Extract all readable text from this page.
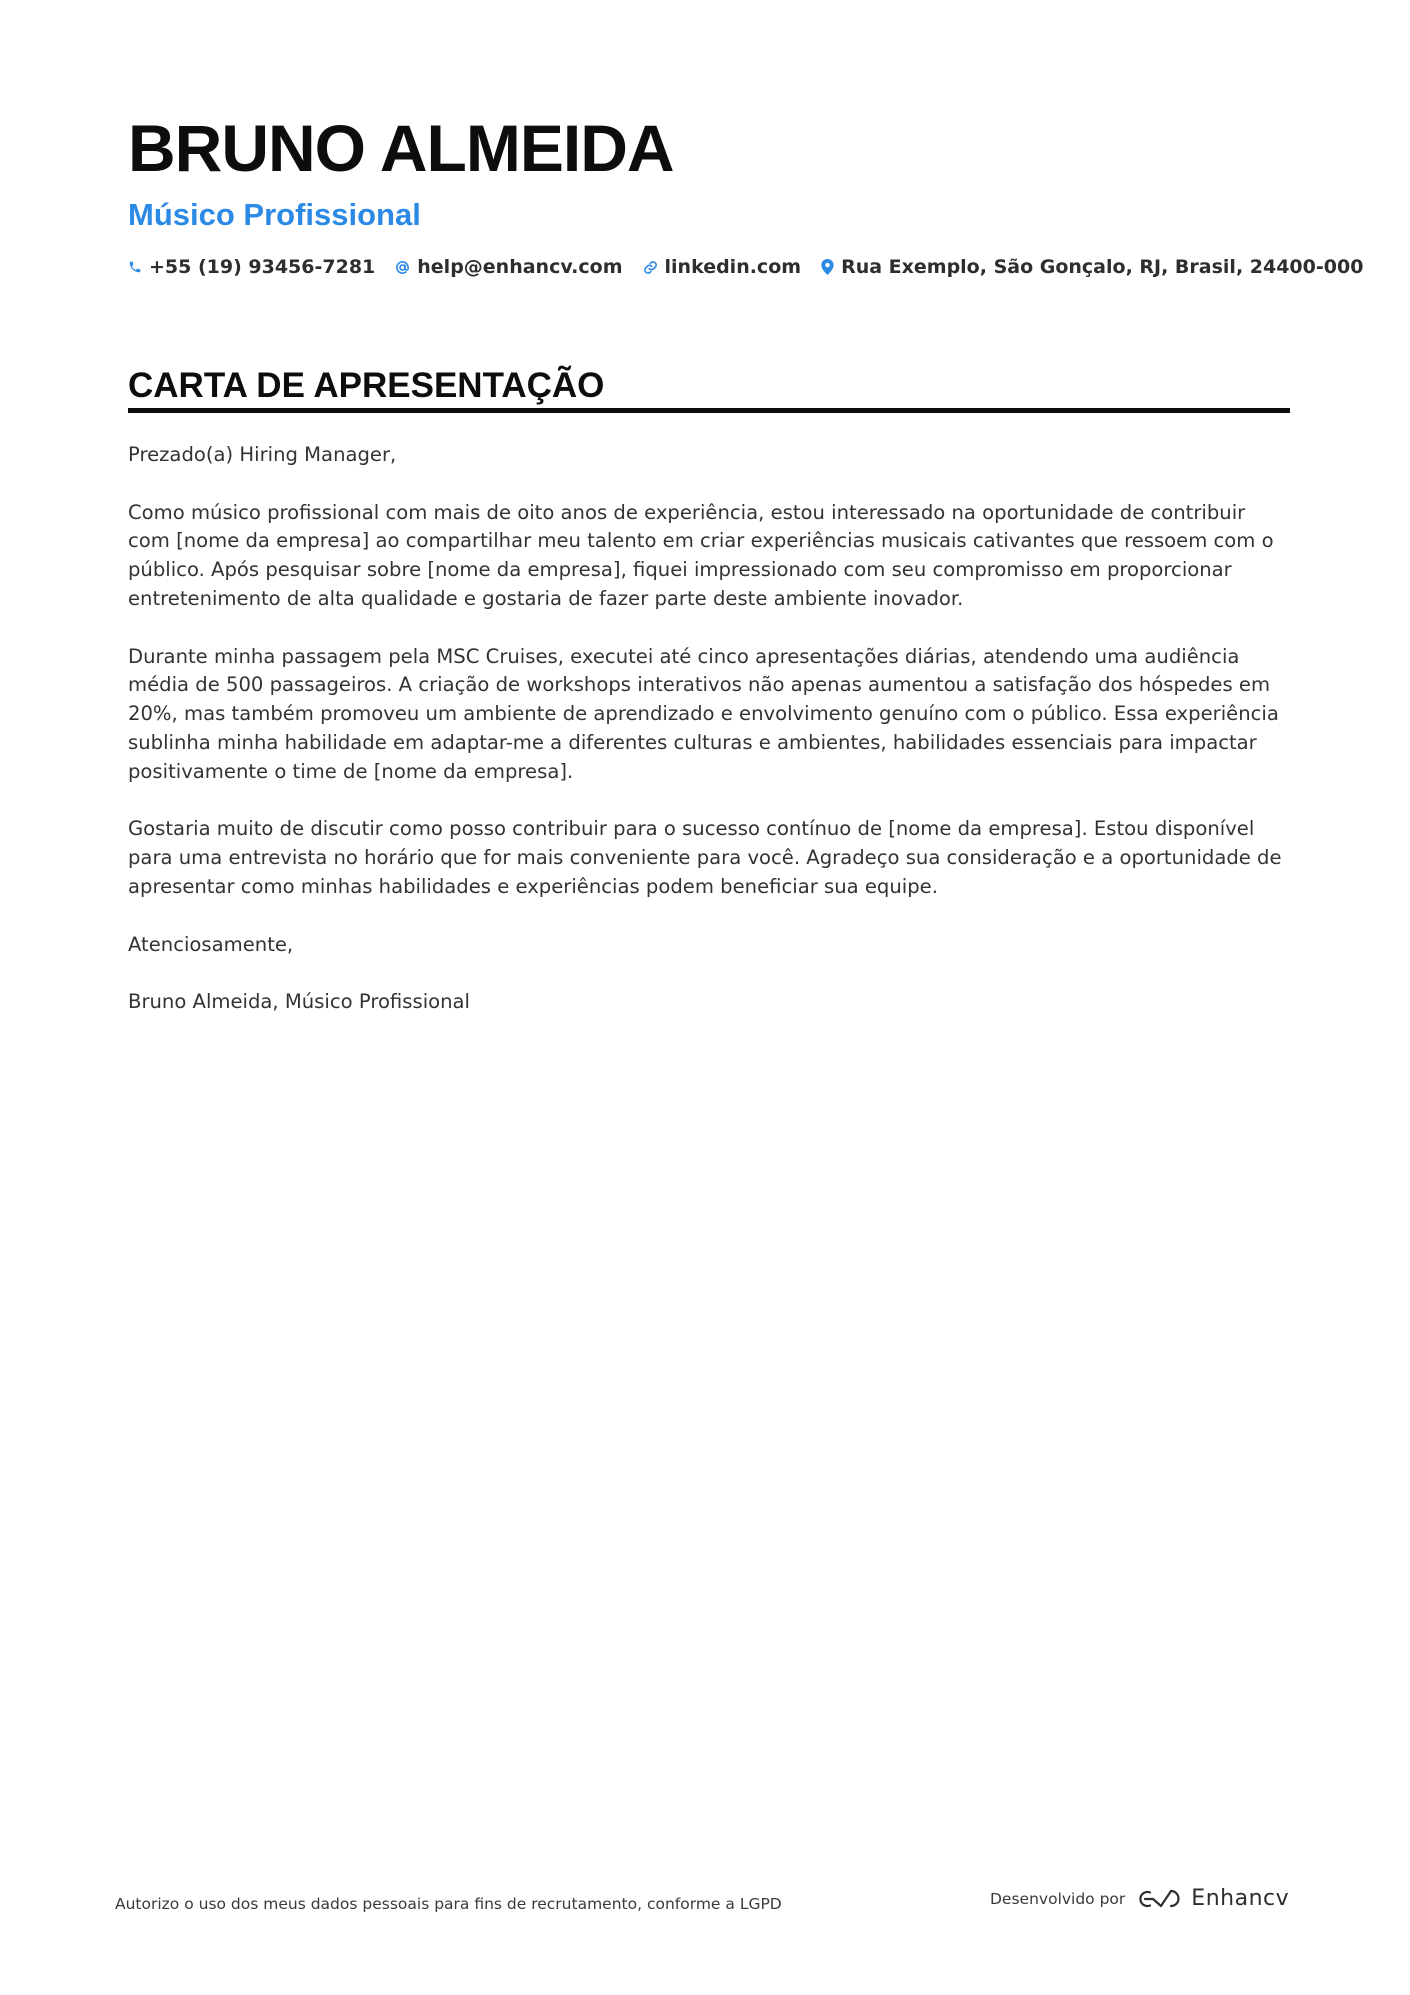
BRUNO ALMEIDA
Músico Profissional
+55 (19) 93456-7281 help@enhancv.com linkedin.com Rua Exemplo, São Gonçalo, RJ, Brasil, 24400-000
CARTA DE APRESENTAÇÃO

Prezado(a) Hiring Manager,

Como músico profissional com mais de oito anos de experiência, estou interessado na oportunidade de contribuir com [nome da empresa] ao compartilhar meu talento em criar experiências musicais cativantes que ressoem com o público. Após pesquisar sobre [nome da empresa], fiquei impressionado com seu compromisso em proporcionar entretenimento de alta qualidade e gostaria de fazer parte deste ambiente inovador.

Durante minha passagem pela MSC Cruises, executei até cinco apresentações diárias, atendendo uma audiência média de 500 passageiros. A criação de workshops interativos não apenas aumentou a satisfação dos hóspedes em 20%, mas também promoveu um ambiente de aprendizado e envolvimento genuíno com o público. Essa experiência sublinha minha habilidade em adaptar-me a diferentes culturas e ambientes, habilidades essenciais para impactar positivamente o time de [nome da empresa].

Gostaria muito de discutir como posso contribuir para o sucesso contínuo de [nome da empresa]. Estou disponível para uma entrevista no horário que for mais conveniente para você. Agradeço sua consideração e a oportunidade de apresentar como minhas habilidades e experiências podem beneficiar sua equipe.

Atenciosamente,

Bruno Almeida, Músico Profissional

Autorizo o uso dos meus dados pessoais para fins de recrutamento, conforme a LGPD	Desenvolvido por	Enhancv
